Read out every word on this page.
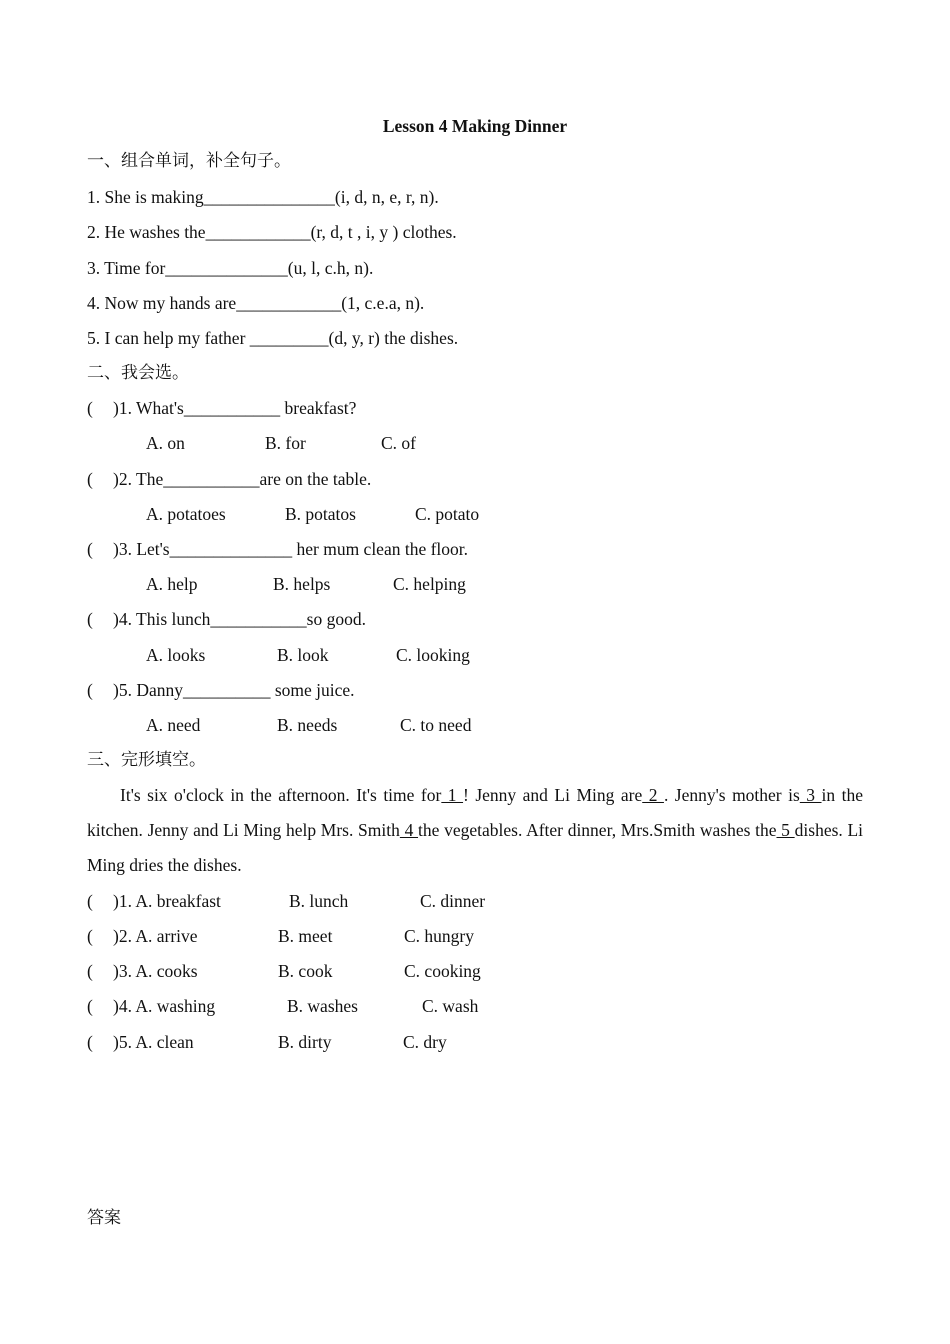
Lesson 4 Making Dinner
一、组合单词，补全句子。
1. She is making_______________(i, d, n, e, r, n).
2. He washes the____________(r, d, t , i, y ) clothes.
3. Time for______________(u, l, c.h, n).
4. Now my hands are____________(1, c.e.a, n).
5. I can help my father _________(d, y, r) the dishes.
二、我会选。
( )1. What's___________ breakfast?
A. on	B. for	C. of
( )2. The___________are on the table.
A. potatoes	B. potatos	C. potato
( )3. Let's______________ her mum clean the floor.
A. help	B. helps	C. helping
( )4. This lunch___________so good.
A. looks	B. look	C. looking
( )5. Danny__________ some juice.
A. need	B. needs	C. to need
三、完形填空。
It's six o'clock in the afternoon. It's time for 1 ! Jenny and Li Ming are 2 . Jenny's mother is 3 in the kitchen. Jenny and Li Ming help Mrs. Smith 4 the vegetables. After dinner, Mrs.Smith washes the 5 dishes. Li Ming dries the dishes.
( )1. A. breakfast	B. lunch	C. dinner
( )2. A. arrive	B. meet	C. hungry
( )3. A. cooks	B. cook	C. cooking
( )4. A. washing	B. washes	C. wash
( )5. A. clean	B. dirty	C. dry
答案
